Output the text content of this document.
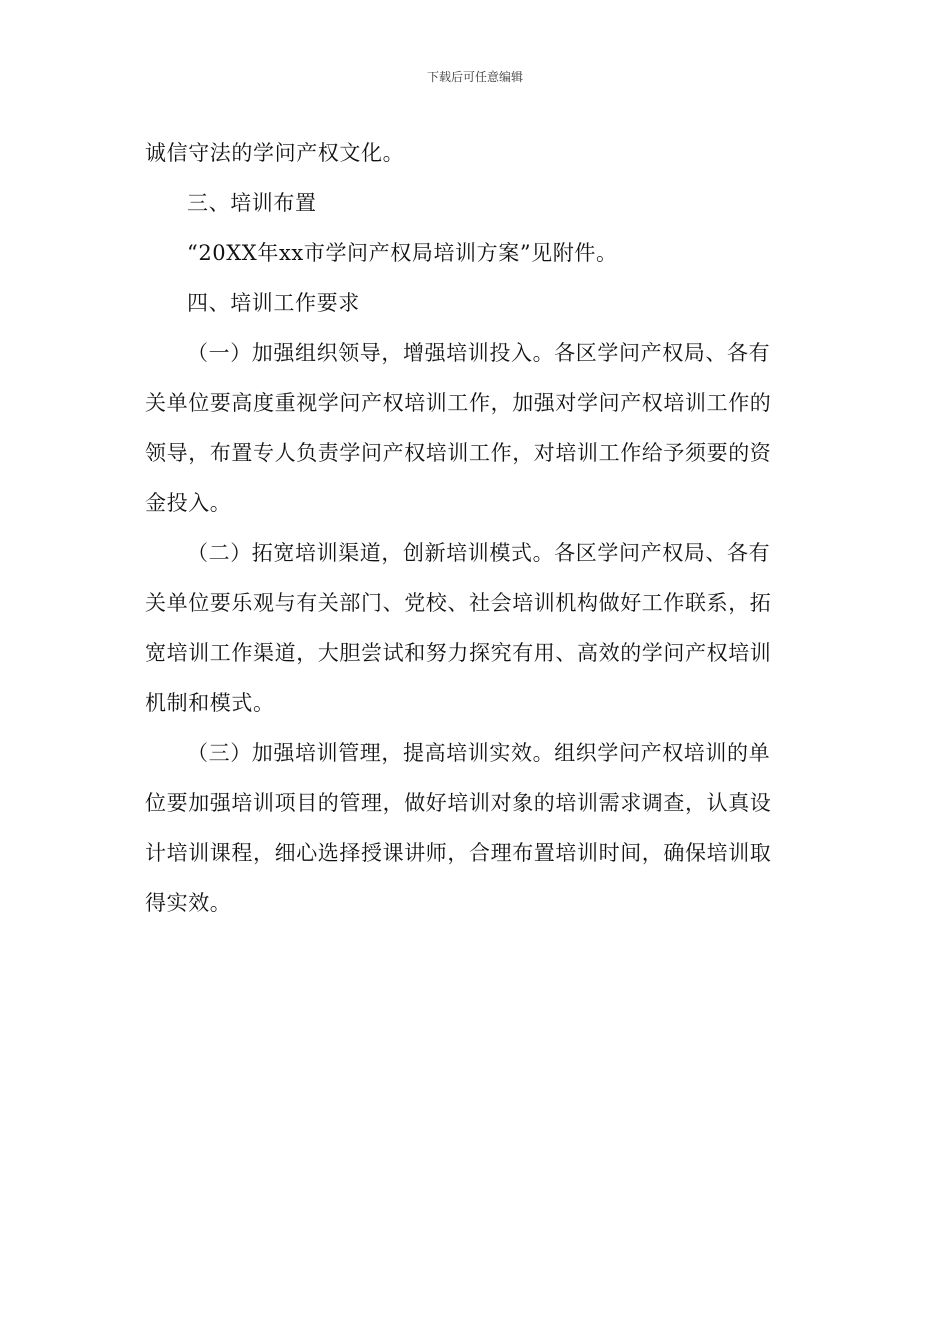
下载后可任意编辑
诚信守法的学问产权文化。
三、培训布置
“20XX年xx市学问产权局培训方案”见附件。
四、培训工作要求
（一）加强组织领导，增强培训投入。各区学问产权局、各有
关单位要高度重视学问产权培训工作，加强对学问产权培训工作的
领导，布置专人负责学问产权培训工作，对培训工作给予须要的资
金投入。
（二）拓宽培训渠道，创新培训模式。各区学问产权局、各有
关单位要乐观与有关部门、党校、社会培训机构做好工作联系，拓
宽培训工作渠道，大胆尝试和努力探究有用、高效的学问产权培训
机制和模式。
（三）加强培训管理，提高培训实效。组织学问产权培训的单
位要加强培训项目的管理，做好培训对象的培训需求调查，认真设
计培训课程，细心选择授课讲师，合理布置培训时间，确保培训取
得实效。
